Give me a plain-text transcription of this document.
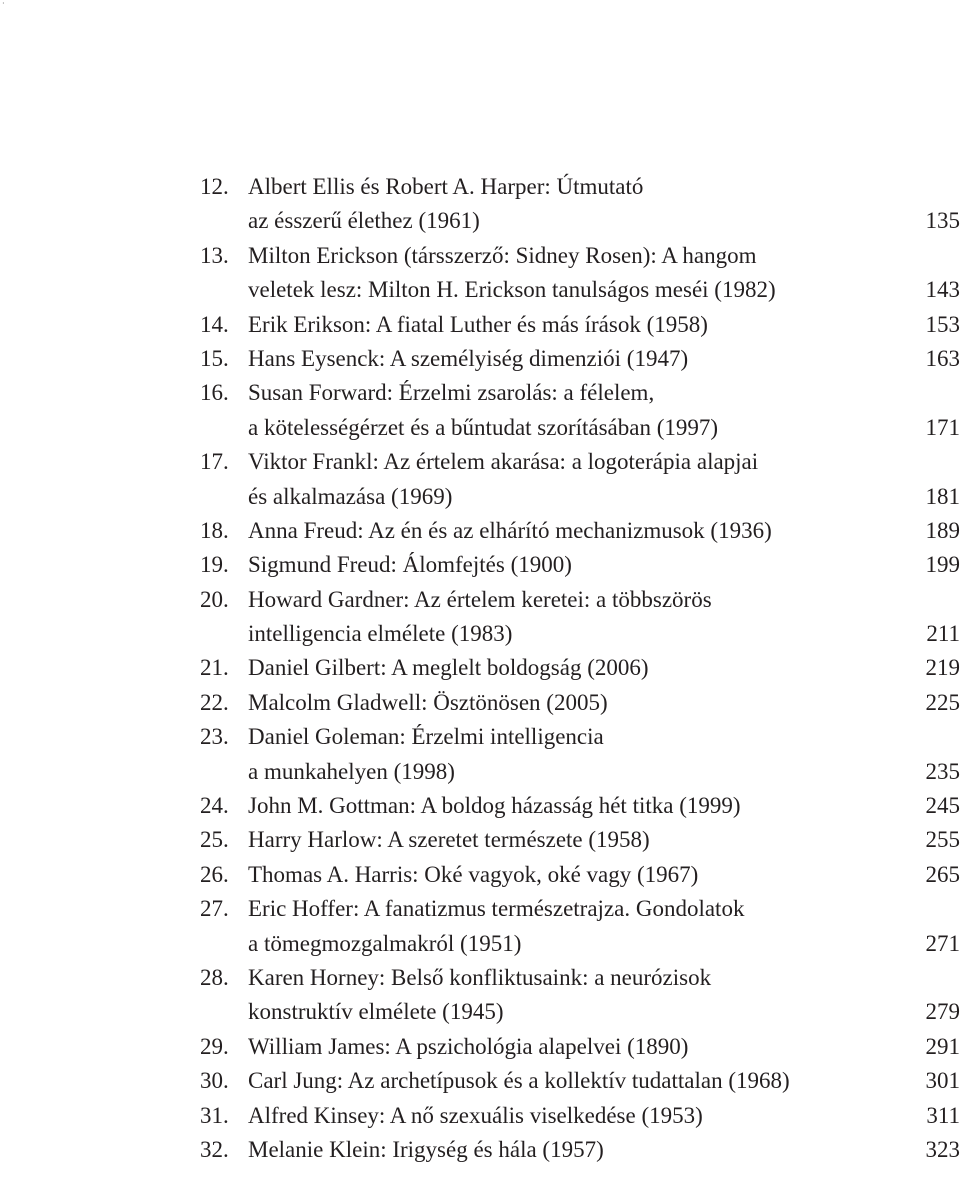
·
12. Albert Ellis és Robert A. Harper: Útmutató
az ésszerű élethez (1961)	135
13. Milton Erickson (társszerző: Sidney Rosen): A hangom
veletek lesz: Milton H. Erickson tanulságos meséi (1982)	143
14. Erik Erikson: A fiatal Luther és más írások (1958)	153
15. Hans Eysenck: A személyiség dimenziói (1947)	163
16. Susan Forward: Érzelmi zsarolás: a félelem,
a kötelességérzet és a bűntudat szorításában (1997)	171
17. Viktor Frankl: Az értelem akarása: a logoterápia alapjai
és alkalmazása (1969)	181
18. Anna Freud: Az én és az elhárító mechanizmusok (1936)	189
19. Sigmund Freud: Álomfejtés (1900)	199
20. Howard Gardner: Az értelem keretei: a többszörös
intelligencia elmélete (1983)	211
21. Daniel Gilbert: A meglelt boldogság (2006)	219
22. Malcolm Gladwell: Ösztönösen (2005)	225
23. Daniel Goleman: Érzelmi intelligencia
a munkahelyen (1998)	235
24. John M. Gottman: A boldog házasság hét titka (1999)	245
25. Harry Harlow: A szeretet természete (1958)	255
26. Thomas A. Harris: Oké vagyok, oké vagy (1967)	265
27. Eric Hoffer: A fanatizmus természetrajza. Gondolatok
a tömegmozgalmakról (1951)	271
28. Karen Horney: Belső konfliktusaink: a neurózisok
konstruktív elmélete (1945)	279
29. William James: A pszichológia alapelvei (1890)	291
30. Carl Jung: Az archetípusok és a kollektív tudattalan (1968)	301
31. Alfred Kinsey: A nő szexuális viselkedése (1953)	311
32. Melanie Klein: Irigység és hála (1957)	323
